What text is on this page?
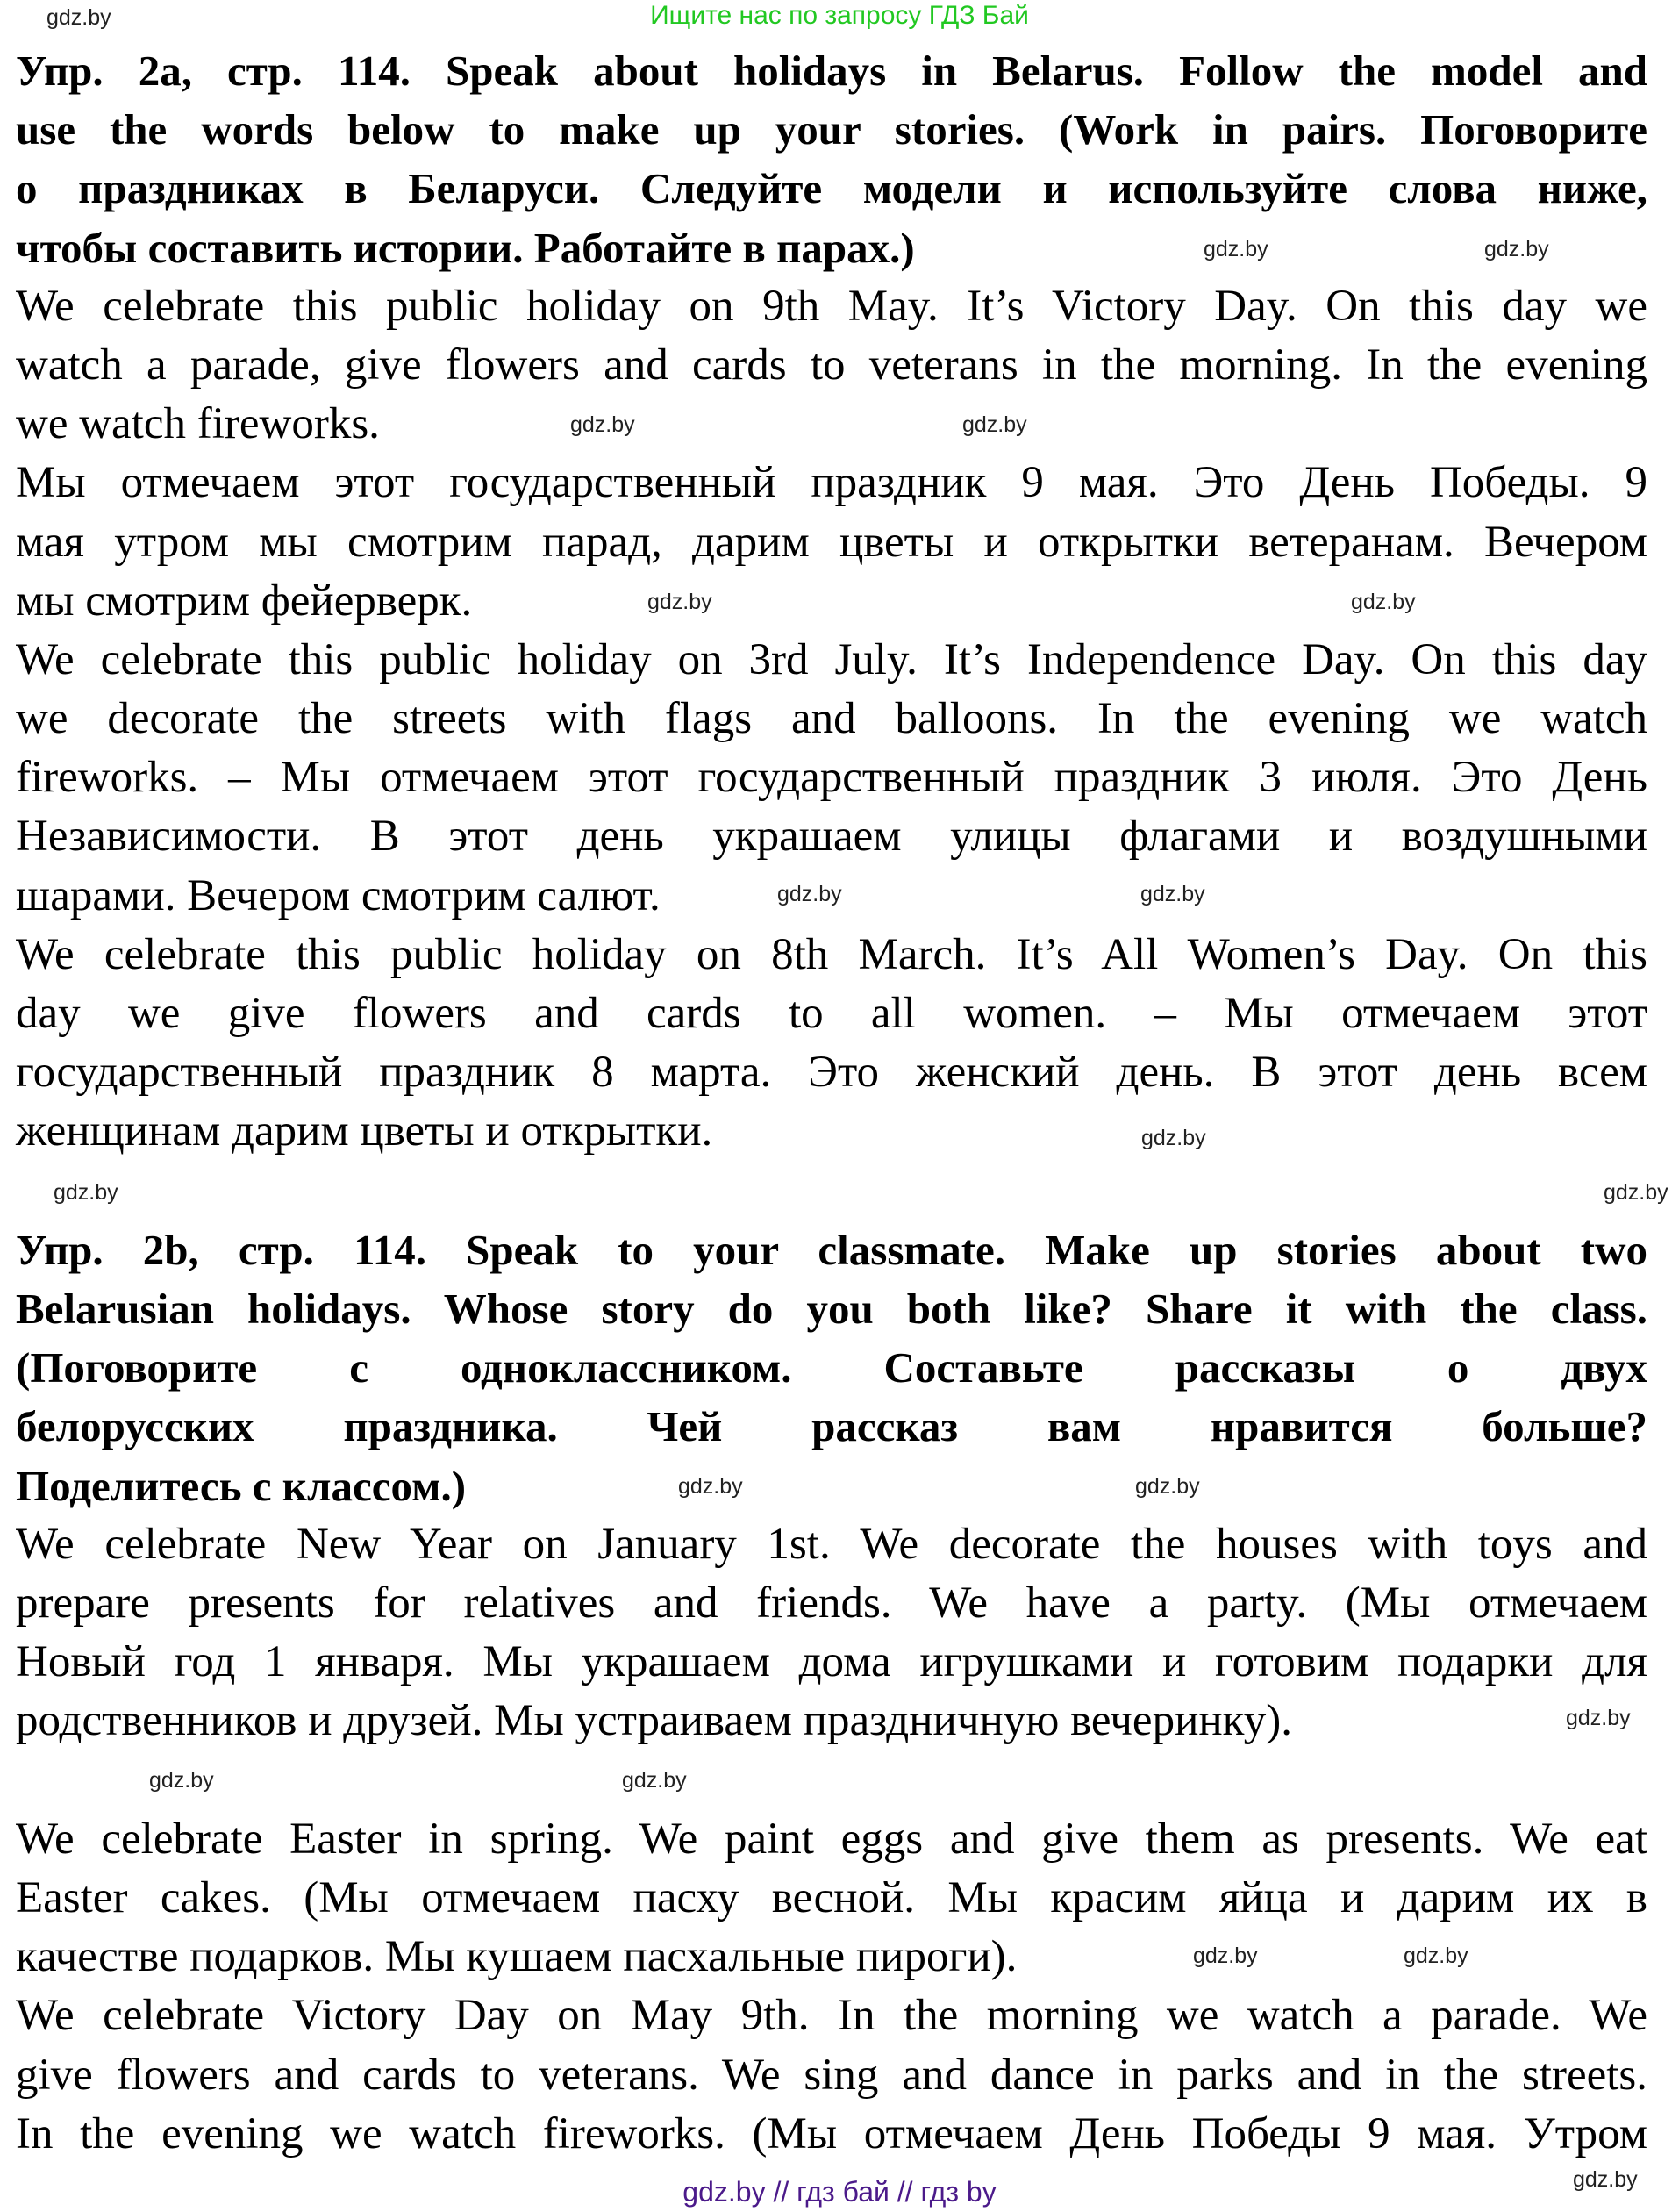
Ищите нас по запросу ГДЗ Бай
Упр. 2a, стр. 114. Speak about holidays in Belarus. Follow the model and
use the words below to make up your stories. (Work in pairs. Поговорите
о праздниках в Беларуси. Следуйте модели и используйте слова ниже,
чтобы составить истории. Работайте в парах.)
We celebrate this public holiday on 9th May. It’s Victory Day. On this day we
watch a parade, give flowers and cards to veterans in the morning. In the evening
we watch fireworks.
Мы отмечаем этот государственный праздник 9 мая. Это День Победы. 9
мая утром мы смотрим парад, дарим цветы и открытки ветеранам. Вечером
мы смотрим фейерверк.
We celebrate this public holiday on 3rd July. It’s Independence Day. On this day
we decorate the streets with flags and balloons. In the evening we watch
fireworks. – Мы отмечаем этот государственный праздник 3 июля. Это День
Независимости. В этот день украшаем улицы флагами и воздушными
шарами. Вечером смотрим салют.
We celebrate this public holiday on 8th March. It’s All Women’s Day. On this
day we give flowers and cards to all women. – Мы отмечаем этот
государственный праздник 8 марта. Это женский день. В этот день всем
женщинам дарим цветы и открытки.
Упр. 2b, стр. 114. Speak to your classmate. Make up stories about two
Belarusian holidays. Whose story do you both like? Share it with the class.
(Поговорите с одноклассником. Составьте рассказы о двух
белорусских праздника. Чей рассказ вам нравится больше?
Поделитесь с классом.)
We celebrate New Year on January 1st. We decorate the houses with toys and
prepare presents for relatives and friends. We have a party. (Мы отмечаем
Новый год 1 января. Мы украшаем дома игрушками и готовим подарки для
родственников и друзей. Мы устраиваем праздничную вечеринку).
We celebrate Easter in spring. We paint eggs and give them as presents. We eat
Easter cakes. (Мы отмечаем пасху весной. Мы красим яйца и дарим их в
качестве подарков. Мы кушаем пасхальные пироги).
We celebrate Victory Day on May 9th. In the morning we watch a parade. We
give flowers and cards to veterans. We sing and dance in parks and in the streets.
In the evening we watch fireworks. (Мы отмечаем День Победы 9 мая. Утром
gdz.by
gdz.by
gdz.by
gdz.by	gdz.by
gdz.by
gdz.by
gdz.by
gdz.by
gdz.by
gdz.by	gdz.by
gdz.by	gdz.by
gdz.by
gdz.by	gdz.by
gdz.by
gdz.by
gdz.by
gdz.by // гдз бай // гдз by
